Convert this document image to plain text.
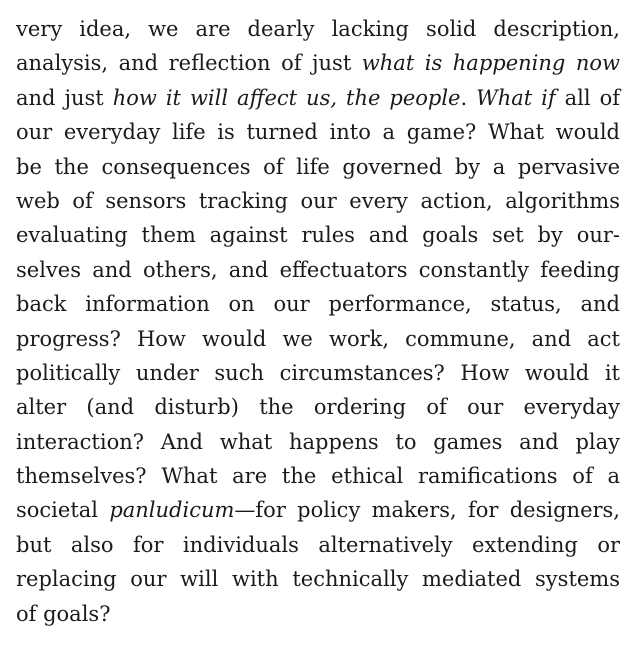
very idea, we are dearly lacking solid description,
analysis, and reflection of just what is happening now
and just how it will affect us, the people. What if all of
our everyday life is turned into a game? What would
be the consequences of life governed by a pervasive
web of sensors tracking our every action, algorithms
evaluating them against rules and goals set by our-
selves and others, and effectuators constantly feeding
back information on our performance, status, and
progress? How would we work, commune, and act
politically under such circumstances? How would it
alter (and disturb) the ordering of our everyday
interaction? And what happens to games and play
themselves? What are the ethical ramifications of a
societal panludicum—for policy makers, for designers,
but also for individuals alternatively extending or
replacing our will with technically mediated systems
of goals?
